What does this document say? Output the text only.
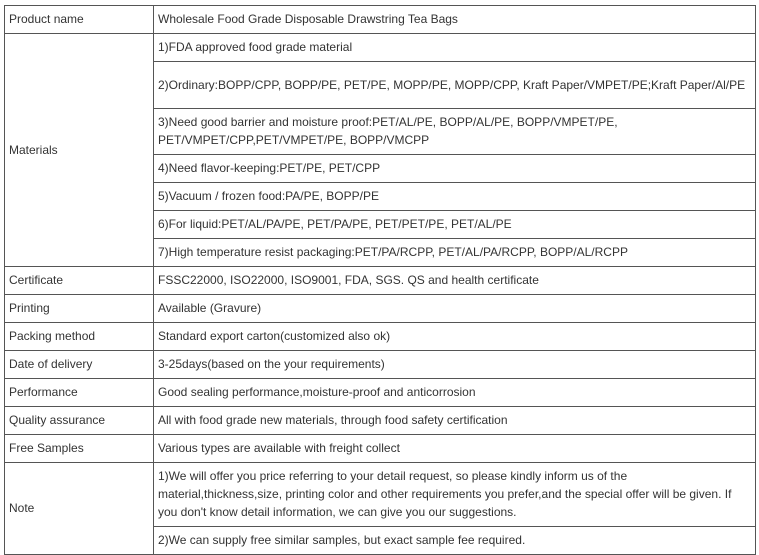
Product name	Wholesale Food Grade Disposable Drawstring Tea Bags
Materials	1)FDA approved food grade material
	2)Ordinary:BOPP/CPP, BOPP/PE, PET/PE, MOPP/PE, MOPP/CPP, Kraft Paper/VMPET/PE;Kraft Paper/Al/PE
	3)Need good barrier and moisture proof:PET/AL/PE, BOPP/AL/PE, BOPP/VMPET/PE, PET/VMPET/CPP,PET/VMPET/PE, BOPP/VMCPP
	4)Need flavor-keeping:PET/PE, PET/CPP
	5)Vacuum / frozen food:PA/PE, BOPP/PE
	6)For liquid:PET/AL/PA/PE, PET/PA/PE, PET/PET/PE, PET/AL/PE
	7)High temperature resist packaging:PET/PA/RCPP, PET/AL/PA/RCPP, BOPP/AL/RCPP
Certificate	FSSC22000, ISO22000, ISO9001, FDA, SGS. QS and health certificate
Printing	Available (Gravure)
Packing method	Standard export carton(customized also ok)
Date of delivery	3-25days(based on the your requirements)
Performance	Good sealing performance,moisture-proof and anticorrosion
Quality assurance	All with food grade new materials, through food safety certification
Free Samples	Various types are available with freight collect
Note	1)We will offer you price referring to your detail request, so please kindly inform us of the material,thickness,size, printing color and other requirements you prefer,and the special offer will be given. If you don't know detail information, we can give you our suggestions.
	2)We can supply free similar samples, but exact sample fee required.
